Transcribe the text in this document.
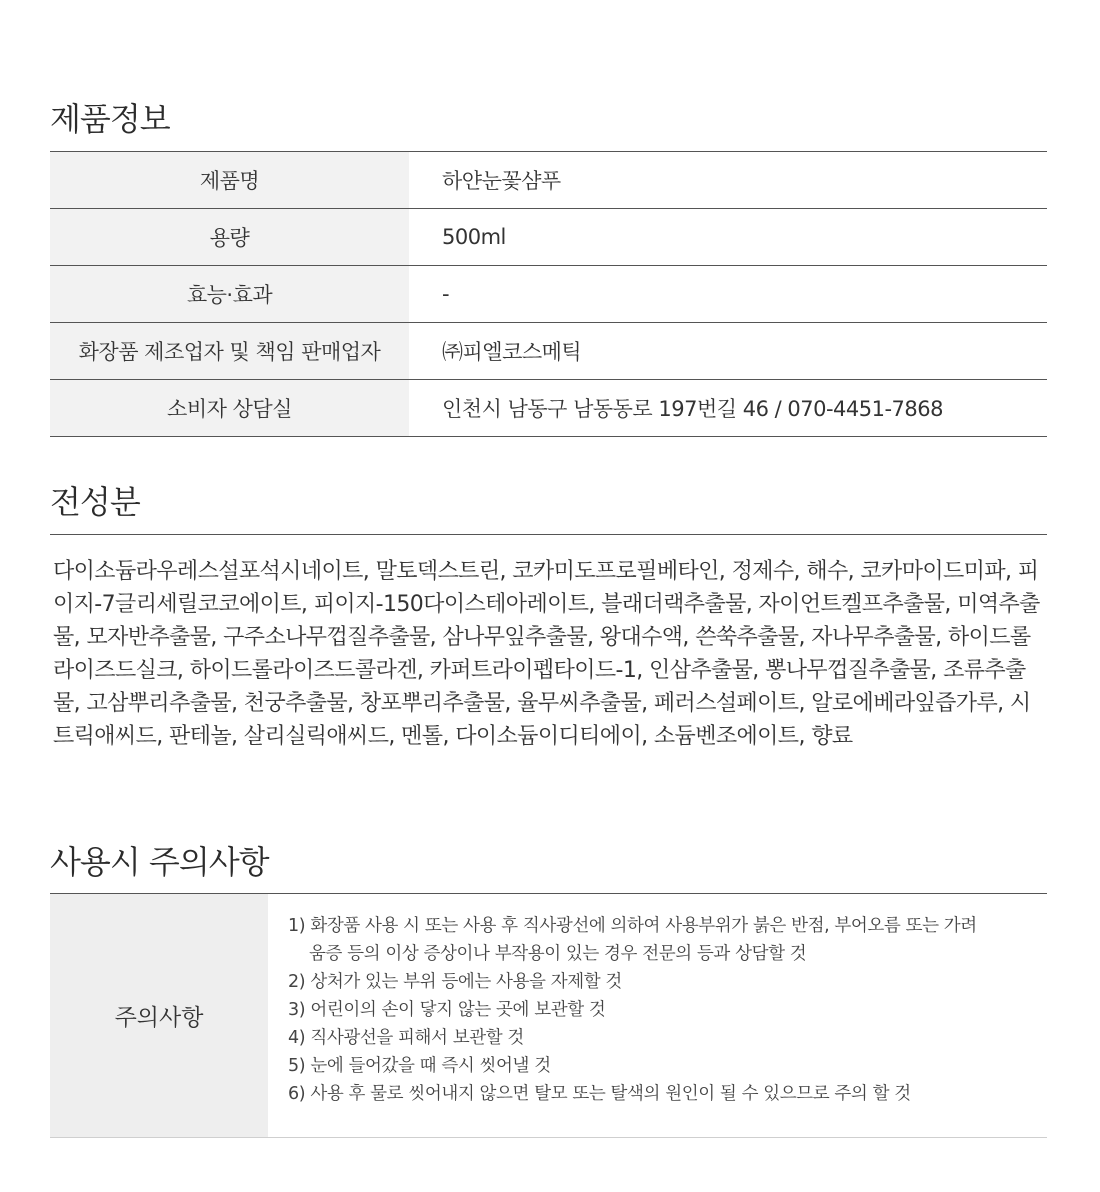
제품정보
제품명	하얀눈꽃샴푸
용량	500ml
효능·효과	-
화장품 제조업자 및 책임 판매업자	㈜피엘코스메틱
소비자 상담실	인천시 남동구 남동동로 197번길 46 / 070-4451-7868
전성분

다이소듐라우레스설포석시네이트, 말토덱스트린, 코카미도프로필베타인, 정제수, 해수, 코카마이드미파, 피이지-7글리세릴코코에이트, 피이지-150다이스테아레이트, 블래더랙추출물, 자이언트켈프추출물, 미역추출물, 모자반추출물, 구주소나무껍질추출물, 삼나무잎추출물, 왕대수액, 쓴쑥추출물, 자나무추출물, 하이드롤라이즈드실크, 하이드롤라이즈드콜라겐, 카퍼트라이펩타이드-1, 인삼추출물, 뽕나무껍질추출물, 조류추출물, 고삼뿌리추출물, 천궁추출물, 창포뿌리추출물, 율무씨추출물, 페러스설페이트, 알로에베라잎즙가루, 시트릭애씨드, 판테놀, 살리실릭애씨드, 멘톨, 다이소듐이디티에이, 소듐벤조에이트, 향료

사용시 주의사항
주의사항
1) 화장품 사용 시 또는 사용 후 직사광선에 의하여 사용부위가 붉은 반점, 부어오름 또는 가려움증 등의 이상 증상이나 부작용이 있는 경우 전문의 등과 상담할 것
2) 상처가 있는 부위 등에는 사용을 자제할 것
3) 어린이의 손이 닿지 않는 곳에 보관할 것
4) 직사광선을 피해서 보관할 것
5) 눈에 들어갔을 때 즉시 씻어낼 것
6) 사용 후 물로 씻어내지 않으면 탈모 또는 탈색의 원인이 될 수 있으므로 주의 할 것
